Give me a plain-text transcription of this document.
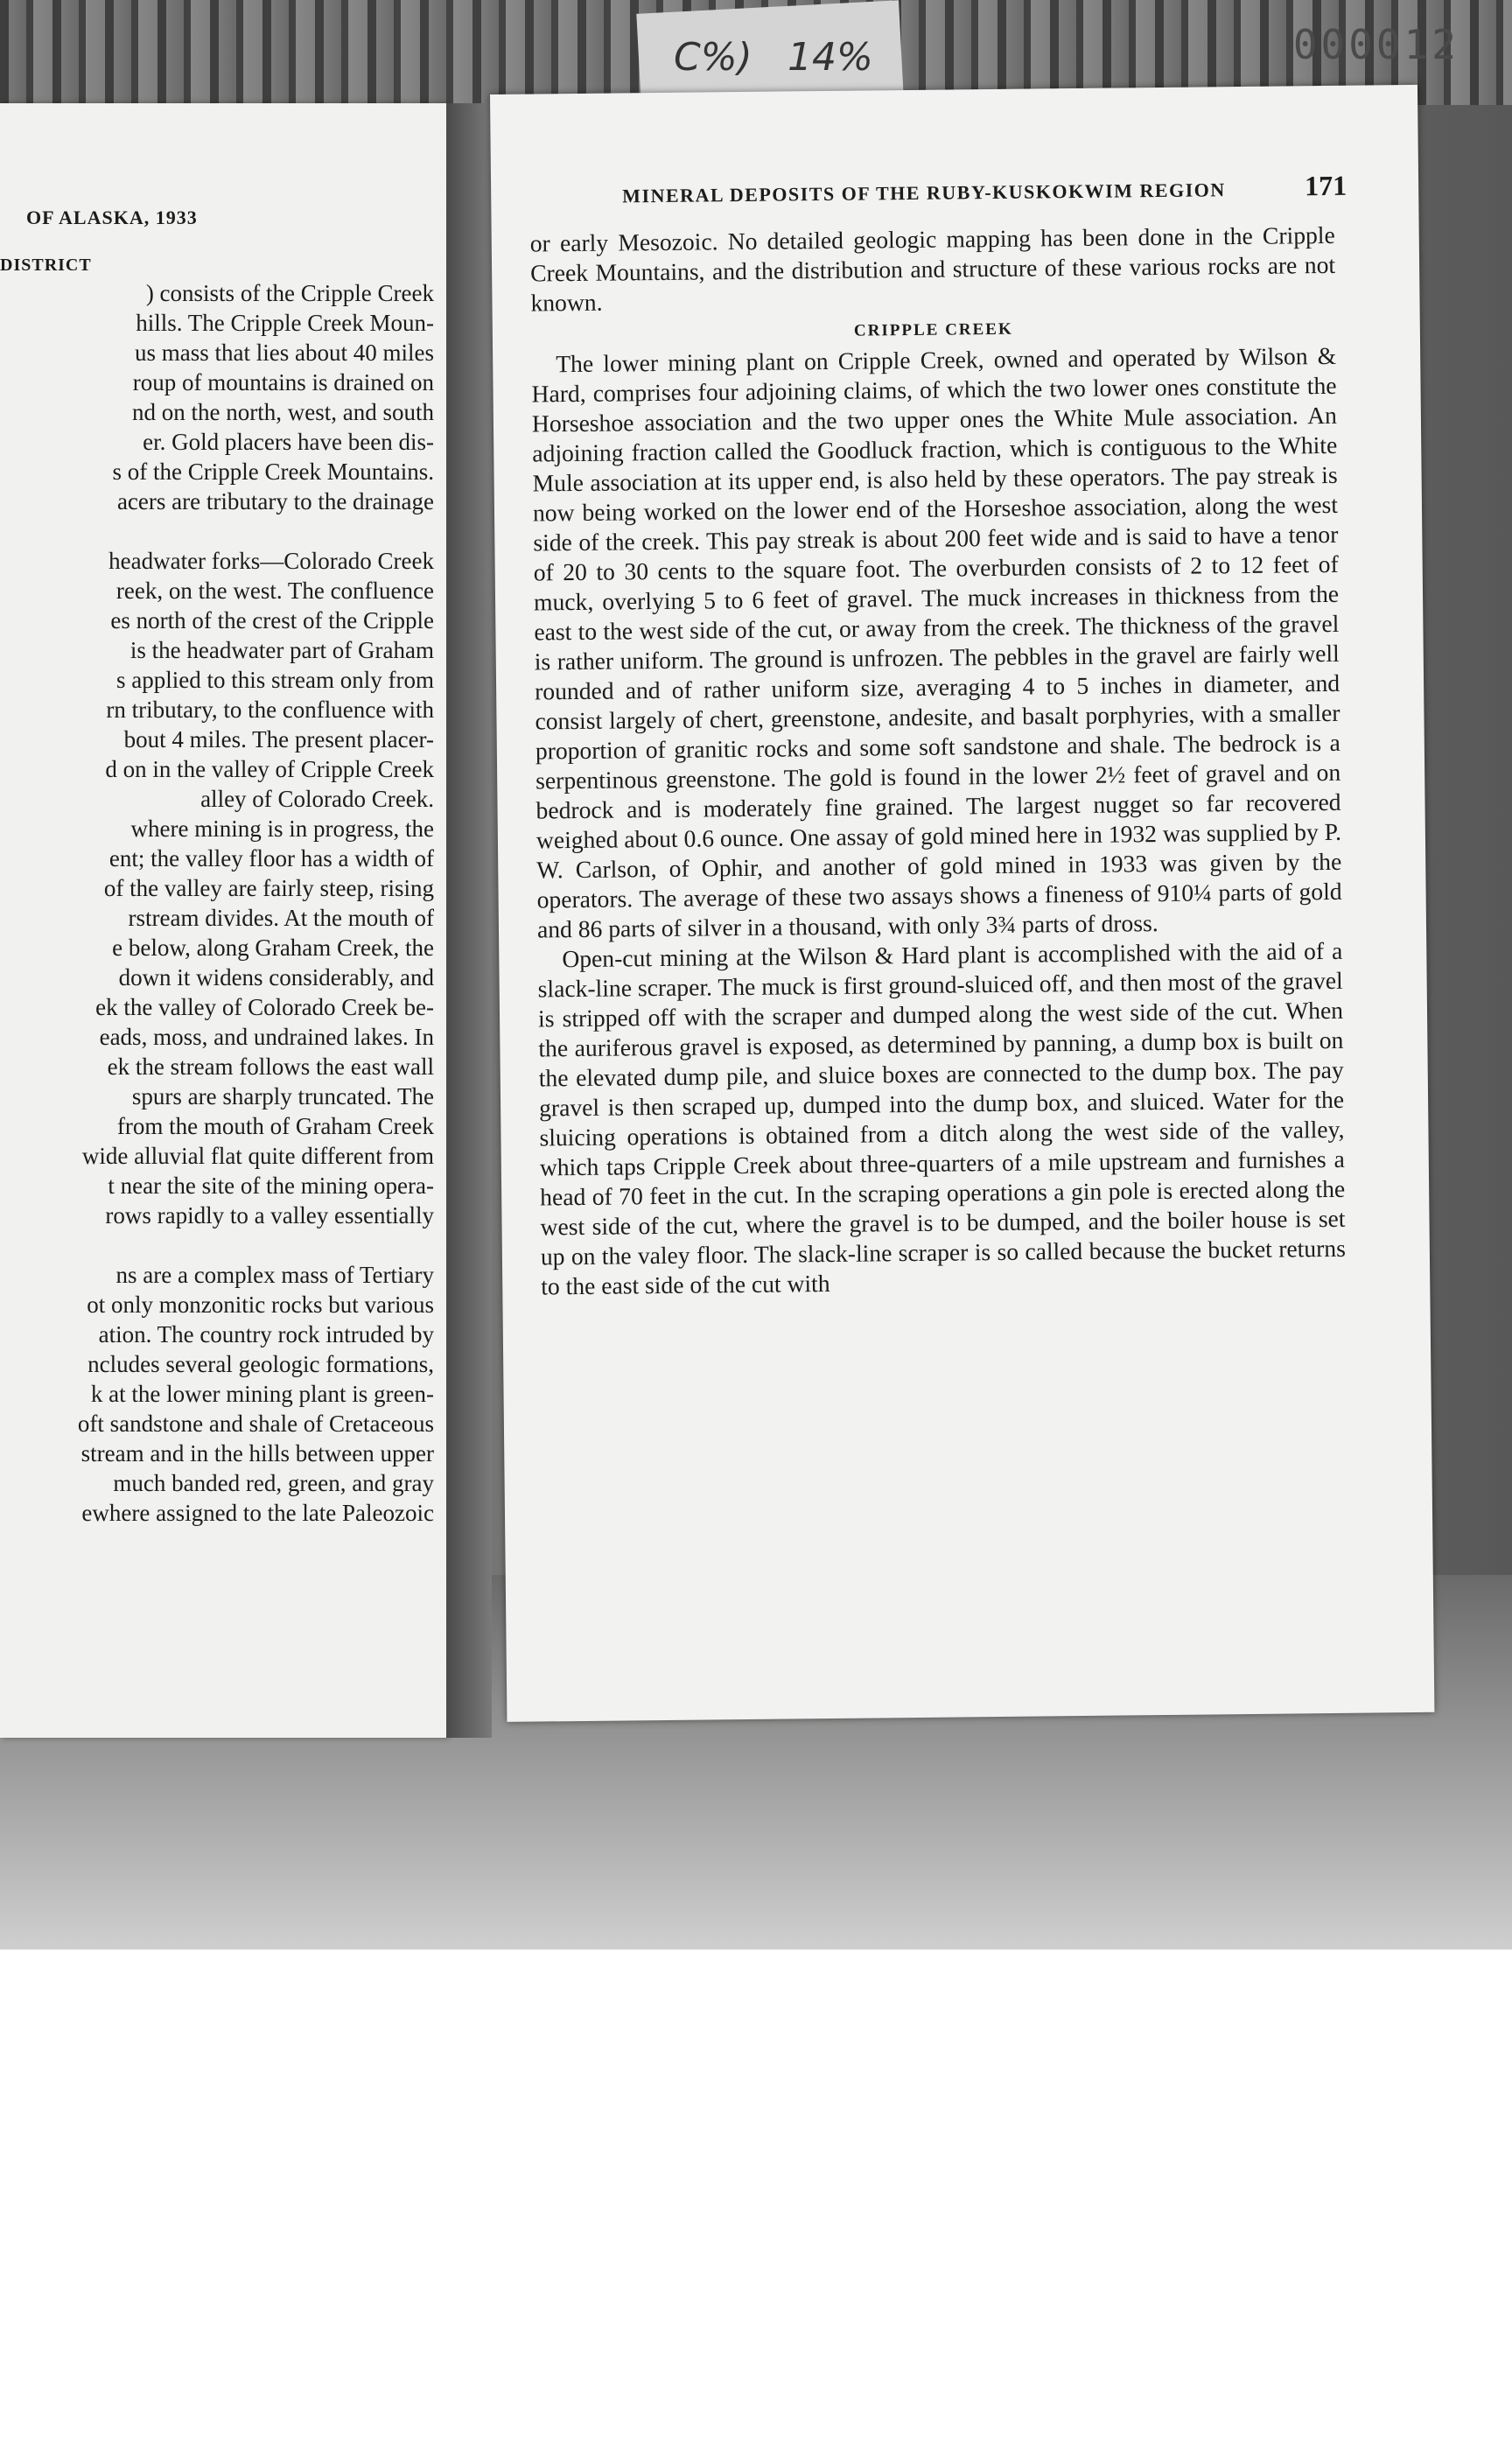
C%) 14%	000012
OF ALASKA, 1933
DISTRICT
) consists of the Cripple Creek
hills. The Cripple Creek Moun-
us mass that lies about 40 miles
roup of mountains is drained on
nd on the north, west, and south
er. Gold placers have been dis-
s of the Cripple Creek Mountains.
acers are tributary to the drainage
headwater forks—Colorado Creek
reek, on the west. The confluence
es north of the crest of the Cripple
is the headwater part of Graham
s applied to this stream only from
rn tributary, to the confluence with
bout 4 miles. The present placer-
d on in the valley of Cripple Creek
alley of Colorado Creek.
where mining is in progress, the
ent; the valley floor has a width of
of the valley are fairly steep, rising
rstream divides. At the mouth of
e below, along Graham Creek, the
down it widens considerably, and
ek the valley of Colorado Creek be-
eads, moss, and undrained lakes. In
ek the stream follows the east wall
spurs are sharply truncated. The
from the mouth of Graham Creek
wide alluvial flat quite different from
t near the site of the mining opera-
rows rapidly to a valley essentially
ns are a complex mass of Tertiary
ot only monzonitic rocks but various
ation. The country rock intruded by
ncludes several geologic formations,
k at the lower mining plant is green-
oft sandstone and shale of Cretaceous
stream and in the hills between upper
much banded red, green, and gray
ewhere assigned to the late Paleozoic
MINERAL DEPOSITS OF THE RUBY-KUSKOKWIM REGION	171

or early Mesozoic. No detailed geologic mapping has been done in the Cripple Creek Mountains, and the distribution and structure of these various rocks are not known.

CRIPPLE CREEK

The lower mining plant on Cripple Creek, owned and operated by Wilson & Hard, comprises four adjoining claims, of which the two lower ones constitute the Horseshoe association and the two upper ones the White Mule association. An adjoining fraction called the Goodluck fraction, which is contiguous to the White Mule association at its upper end, is also held by these operators. The pay streak is now being worked on the lower end of the Horseshoe association, along the west side of the creek. This pay streak is about 200 feet wide and is said to have a tenor of 20 to 30 cents to the square foot. The overburden consists of 2 to 12 feet of muck, overlying 5 to 6 feet of gravel. The muck increases in thickness from the east to the west side of the cut, or away from the creek. The thickness of the gravel is rather uniform. The ground is unfrozen. The pebbles in the gravel are fairly well rounded and of rather uniform size, averaging 4 to 5 inches in diameter, and consist largely of chert, greenstone, andesite, and basalt porphyries, with a smaller proportion of granitic rocks and some soft sandstone and shale. The bedrock is a serpentinous greenstone. The gold is found in the lower 2½ feet of gravel and on bedrock and is moderately fine grained. The largest nugget so far recovered weighed about 0.6 ounce. One assay of gold mined here in 1932 was supplied by P. W. Carlson, of Ophir, and another of gold mined in 1933 was given by the operators. The average of these two assays shows a fineness of 910¼ parts of gold and 86 parts of silver in a thousand, with only 3¾ parts of dross.

Open-cut mining at the Wilson & Hard plant is accomplished with the aid of a slack-line scraper. The muck is first ground-sluiced off, and then most of the gravel is stripped off with the scraper and dumped along the west side of the cut. When the auriferous gravel is exposed, as determined by panning, a dump box is built on the elevated dump pile, and sluice boxes are connected to the dump box. The pay gravel is then scraped up, dumped into the dump box, and sluiced. Water for the sluicing operations is obtained from a ditch along the west side of the valley, which taps Cripple Creek about three-quarters of a mile upstream and furnishes a head of 70 feet in the cut. In the scraping operations a gin pole is erected along the west side of the cut, where the gravel is to be dumped, and the boiler house is set up on the valey floor. The slack-line scraper is so called because the bucket returns to the east side of the cut with
